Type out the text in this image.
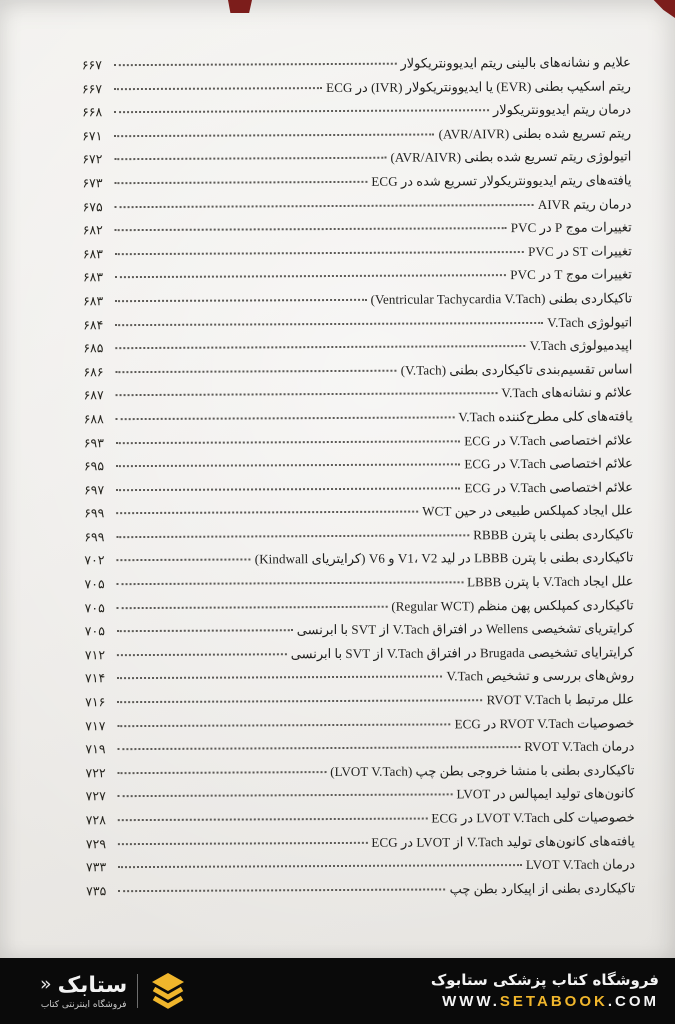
علایم و نشانه‌های بالینی ریتم ایدیوونتریکولار
۶۶۷
ریتم اسکیپ بطنی (EVR) یا ایدیوونتریکولار (IVR) در ECG
۶۶۷
درمان ریتم ایدیوونتریکولار
۶۶۸
ریتم تسریع شده بطنی (AVR/AIVR)
۶۷۱
اتیولوژی ریتم تسریع شده بطنی (AVR/AIVR)
۶۷۲
یافته‌های ریتم ایدیوونتریکولار تسریع شده در ECG
۶۷۳
درمان ریتم AIVR
۶۷۵
تغییرات موج P در PVC
۶۸۲
تغییرات ST در PVC
۶۸۳
تغییرات موج T در PVC
۶۸۳
تاکیکاردی بطنی (Ventricular Tachycardia V.Tach)
۶۸۳
اتیولوژی V.Tach
۶۸۴
اپیدمیولوژی V.Tach
۶۸۵
اساس تقسیم‌بندی تاکیکاردی بطنی (V.Tach)
۶۸۶
علائم و نشانه‌های V.Tach
۶۸۷
یافته‌های کلی مطرح‌کننده V.Tach
۶۸۸
علائم اختصاصی V.Tach در ECG
۶۹۳
علائم اختصاصی V.Tach در ECG
۶۹۵
علائم اختصاصی V.Tach در ECG
۶۹۷
علل ایجاد کمپلکس طبیعی در حین WCT
۶۹۹
تاکیکاردی بطنی با پترن RBBB
۶۹۹
تاکیکاردی بطنی با پترن LBBB در لید V1، V2 و V6 (کرایتریای Kindwall)
۷۰۲
علل ایجاد V.Tach با پترن LBBB
۷۰۵
تاکیکاردی کمپلکس پهن منظم (Regular WCT)
۷۰۵
کرایتریای تشخیصی Wellens در افتراق V.Tach از SVT با ابرنسی
۷۰۵
کرایترایای تشخیصی Brugada در افتراق V.Tach از SVT با ابرنسی
۷۱۲
روش‌های بررسی و تشخیص V.Tach
۷۱۴
علل مرتبط با RVOT V.Tach
۷۱۶
خصوصیات RVOT V.Tach در ECG
۷۱۷
درمان RVOT V.Tach
۷۱۹
تاکیکاردی بطنی با منشا خروجی بطن چپ (LVOT V.Tach)
۷۲۲
کانون‌های تولید ایمپالس در LVOT
۷۲۷
خصوصیات کلی LVOT V.Tach در ECG
۷۲۸
یافته‌های کانون‌های تولید V.Tach از LVOT در ECG
۷۲۹
درمان LVOT V.Tach
۷۳۳
تاکیکاردی بطنی از اپیکارد بطن چپ
۷۳۵
ستابک
«
فروشگاه اینترنتی کتاب
فروشگاه کتاب پزشکی ستابوک
WWW.SETABOOK.COM
